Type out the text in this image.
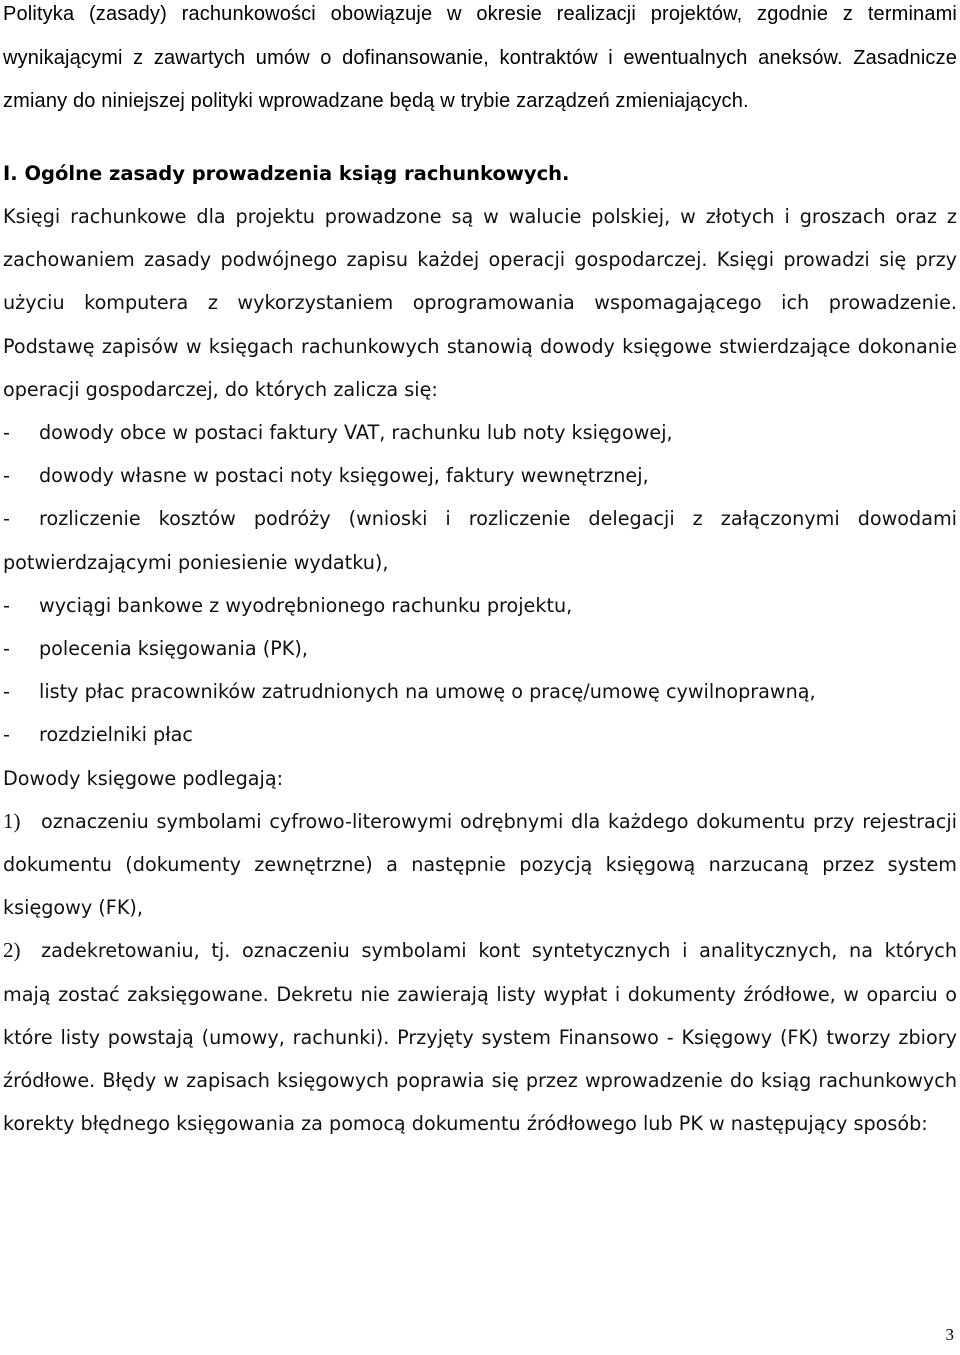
Polityka (zasady) rachunkowości obowiązuje w okresie realizacji projektów, zgodnie z terminami wynikającymi z zawartych umów o dofinansowanie, kontraktów i ewentualnych aneksów. Zasadnicze zmiany do niniejszej polityki wprowadzane będą w trybie zarządzeń zmieniających.

I. Ogólne zasady prowadzenia ksiąg rachunkowych.

Księgi rachunkowe dla projektu prowadzone są w walucie polskiej, w złotych i groszach oraz z zachowaniem zasady podwójnego zapisu każdej operacji gospodarczej. Księgi prowadzi się przy użyciu komputera z wykorzystaniem oprogramowania wspomagającego ich prowadzenie. Podstawę zapisów w księgach rachunkowych stanowią dowody księgowe stwierdzające dokonanie operacji gospodarczej, do których zalicza się:

- dowody obce w postaci faktury VAT, rachunku lub noty księgowej,

- dowody własne w postaci noty księgowej, faktury wewnętrznej,

- rozliczenie kosztów podróży (wnioski i rozliczenie delegacji z załączonymi dowodami potwierdzającymi poniesienie wydatku),

- wyciągi bankowe z wyodrębnionego rachunku projektu,

- polecenia księgowania (PK),

- listy płac pracowników zatrudnionych na umowę o pracę/umowę cywilnoprawną,

- rozdzielniki płac

Dowody księgowe podlegają:

1) oznaczeniu symbolami cyfrowo-literowymi odrębnymi dla każdego dokumentu przy rejestracji dokumentu (dokumenty zewnętrzne) a następnie pozycją księgową narzucaną przez system księgowy (FK),

2) zadekretowaniu, tj. oznaczeniu symbolami kont syntetycznych i analitycznych, na których mają zostać zaksięgowane. Dekretu nie zawierają listy wypłat i dokumenty źródłowe, w oparciu o które listy powstają (umowy, rachunki). Przyjęty system Finansowo - Księgowy (FK) tworzy zbiory źródłowe. Błędy w zapisach księgowych poprawia się przez wprowadzenie do ksiąg rachunkowych korekty błędnego księgowania za pomocą dokumentu źródłowego lub PK w następujący sposób:

3
